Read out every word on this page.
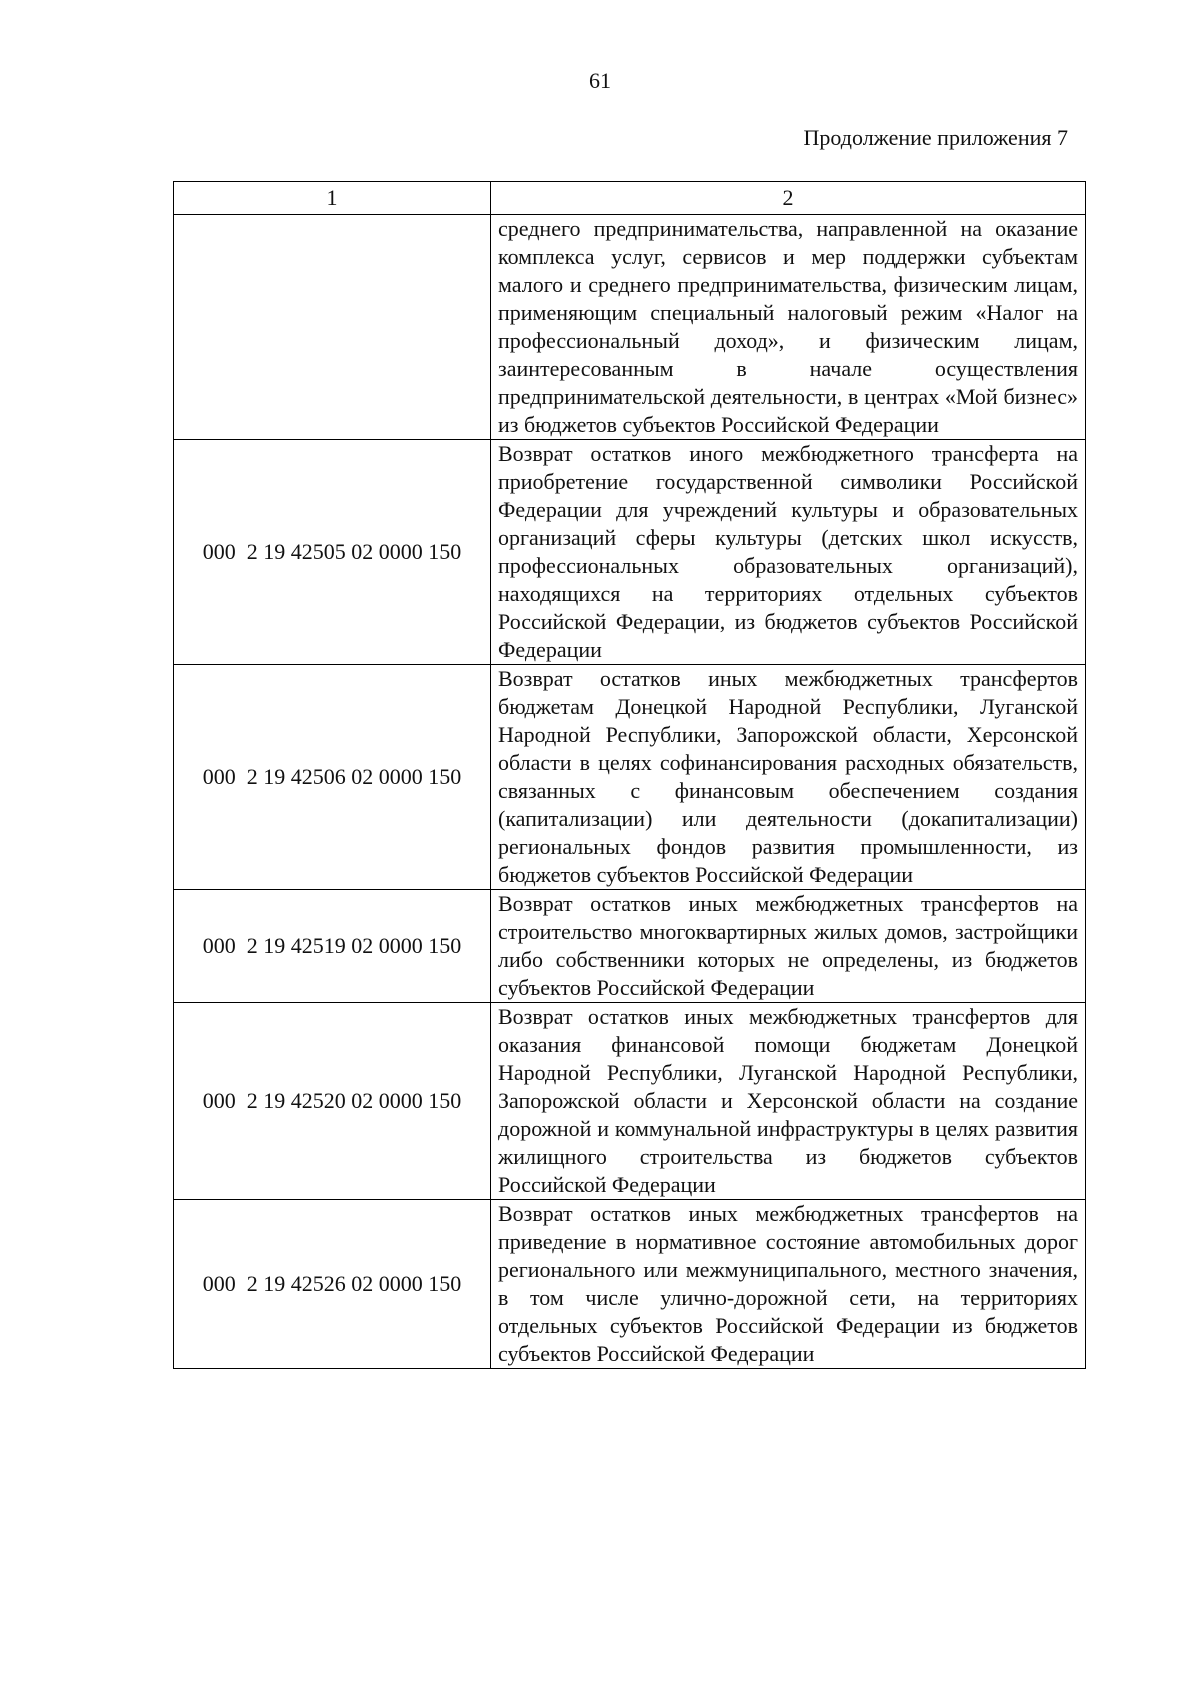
61
Продолжение приложения 7
1	2
	среднего предпринимательства, направленной на оказание комплекса услуг, сервисов и мер поддержки субъектам малого и среднего предпринимательства, физическим лицам, применяющим специальный налоговый режим «Налог на профессиональный доход», и физическим лицам, заинтересованным в начале осуществления предпринимательской деятельности, в центрах «Мой бизнес» из бюджетов субъектов Российской Федерации
000  2 19 42505 02 0000 150	Возврат остатков иного межбюджетного трансферта на приобретение государственной символики Российской Федерации для учреждений культуры и образовательных организаций сферы культуры (детских школ искусств, профессиональных образовательных организаций), находящихся на территориях отдельных субъектов Российской Федерации, из бюджетов субъектов Российской Федерации
000  2 19 42506 02 0000 150	Возврат остатков иных межбюджетных трансфертов бюджетам Донецкой Народной Республики, Луганской Народной Республики, Запорожской области, Херсонской области в целях софинансирования расходных обязательств, связанных с финансовым обеспечением создания (капитализации) или деятельности (докапитализации) региональных фондов развития промышленности, из бюджетов субъектов Российской Федерации
000  2 19 42519 02 0000 150	Возврат остатков иных межбюджетных трансфертов на строительство многоквартирных жилых домов, застройщики либо собственники которых не определены, из бюджетов субъектов Российской Федерации
000  2 19 42520 02 0000 150	Возврат остатков иных межбюджетных трансфертов для оказания финансовой помощи бюджетам Донецкой Народной Республики, Луганской Народной Республики, Запорожской области и Херсонской области на создание дорожной и коммунальной инфраструктуры в целях развития жилищного строительства из бюджетов субъектов Российской Федерации
000  2 19 42526 02 0000 150	Возврат остатков иных межбюджетных трансфертов на приведение в нормативное состояние автомобильных дорог регионального или межмуниципального, местного значения, в том числе улично-дорожной сети, на территориях отдельных субъектов Российской Федерации из бюджетов субъектов Российской Федерации
